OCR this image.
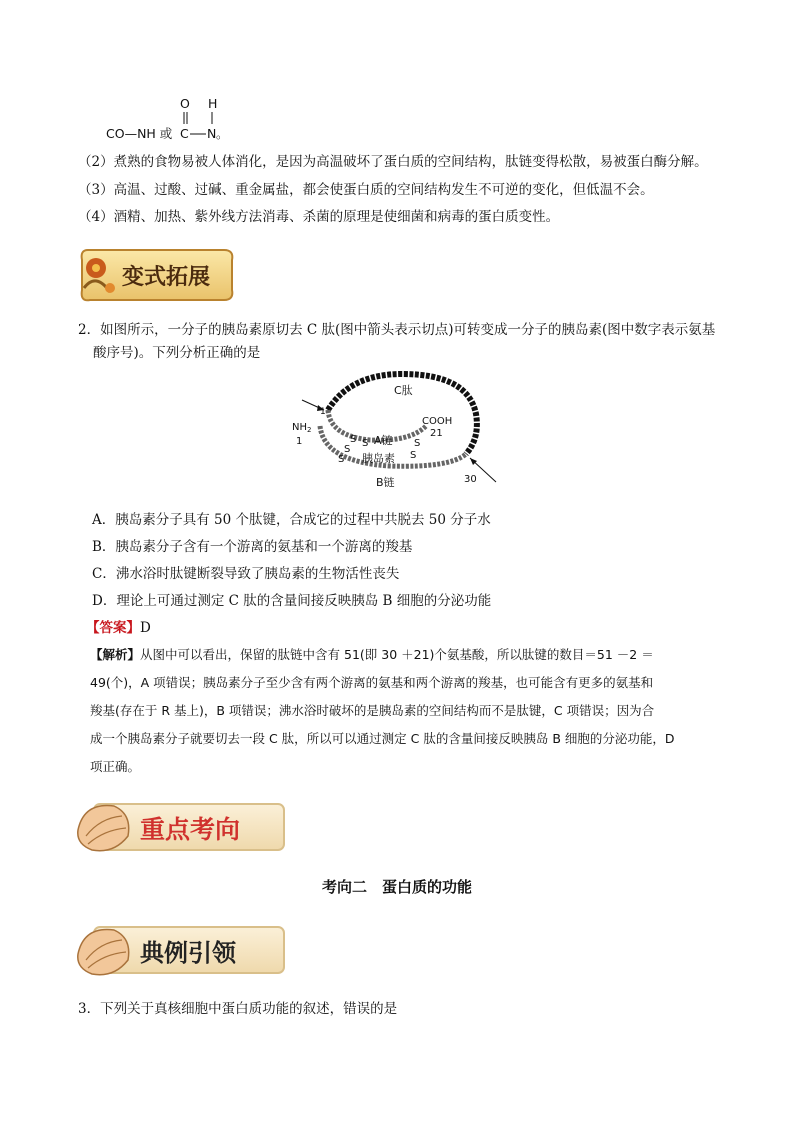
O H
CO—NH 或 C N 。
（2）煮熟的食物易被人体消化，是因为高温破坏了蛋白质的空间结构，肽链变得松散，易被蛋白酶分解。
（3）高温、过酸、过碱、重金属盐，都会使蛋白质的空间结构发生不可逆的变化，但低温不会。
（4）酒精、加热、紫外线方法消毒、杀菌的原理是使细菌和病毒的蛋白质变性。
变式拓展
2．如图所示，一分子的胰岛素原切去 C 肽(图中箭头表示切点)可转变成一分子的胰岛素(图中数字表示氨基
酸序号)。下列分析正确的是
C肽
COOH
21
$NH_2$
1
1
30
S S
S
S
S
S
A链
胰岛素
B链
A．胰岛素分子具有 50 个肽键，合成它的过程中共脱去 50 分子水
B．胰岛素分子含有一个游离的氨基和一个游离的羧基
C．沸水浴时肽键断裂导致了胰岛素的生物活性丧失
D．理论上可通过测定 C 肽的含量间接反映胰岛 B 细胞的分泌功能
【答案】D
【解析】从图中可以看出，保留的肽链中含有 51(即 30 ＋21)个氨基酸，所以肽键的数目＝51 －2 ＝
49(个)，A 项错误；胰岛素分子至少含有两个游离的氨基和两个游离的羧基，也可能含有更多的氨基和
羧基(存在于 R 基上)，B 项错误；沸水浴时破坏的是胰岛素的空间结构而不是肽键，C 项错误；因为合
成一个胰岛素分子就要切去一段 C 肽，所以可以通过测定 C 肽的含量间接反映胰岛 B 细胞的分泌功能，D
项正确。
重点考向
考向二　蛋白质的功能
典例引领
3．下列关于真核细胞中蛋白质功能的叙述，错误的是
